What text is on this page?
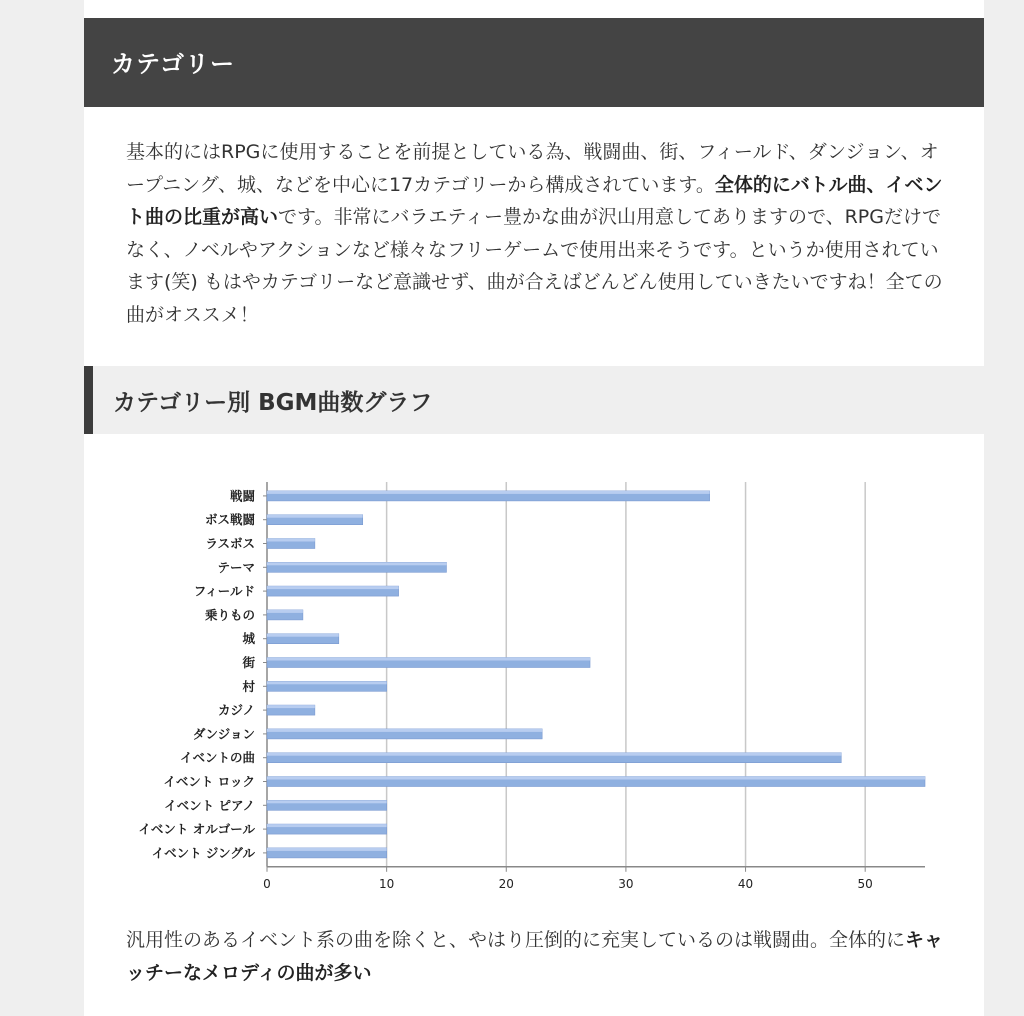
カテゴリー
基本的にはRPGに使用することを前提としている為、戦闘曲、街、フィールド、ダンジョン、オープニング、城、などを中心に17カテゴリーから構成されています。全体的にバトル曲、イベント曲の比重が高いです。非常にバラエティー豊かな曲が沢山用意してありますので、RPGだけでなく、ノベルやアクションなど様々なフリーゲームで使用出来そうです。というか使用されています(笑) もはやカテゴリーなど意識せず、曲が合えばどんどん使用していきたいですね！全ての曲がオススメ！
カテゴリー別 BGM曲数グラフ
0	10	20	30	40	50
戦闘
ボス戦闘
ラスボス
テーマ
フィールド
乗りもの
城
街
村
カジノ
ダンジョン
イベントの曲
イベント ロック
イベント ピアノ
イベント オルゴール
イベント ジングル
汎用性のあるイベント系の曲を除くと、やはり圧倒的に充実しているのは戦闘曲。全体的にキャッチーなメロディの曲が多い
